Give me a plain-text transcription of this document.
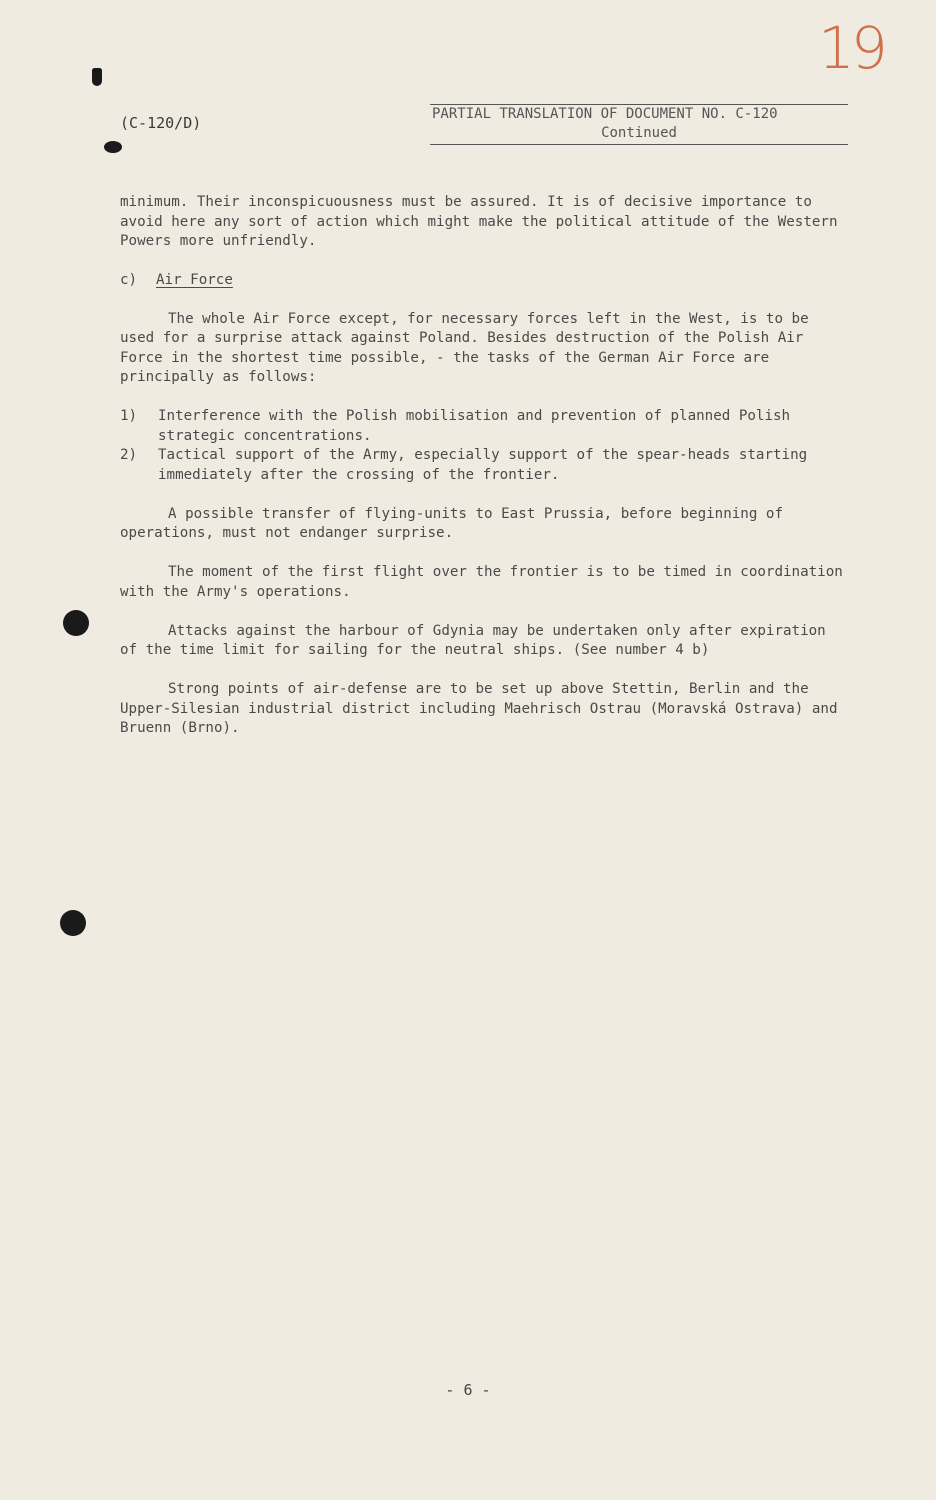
19
(C-120/D)	PARTIAL TRANSLATION OF DOCUMENT NO. C-120
Continued

minimum. Their inconspicuousness must be assured. It is of decisive importance to avoid here any sort of action which might make the political attitude of the Western Powers more unfriendly.

c) Air Force

The whole Air Force except, for necessary forces left in the West, is to be used for a surprise attack against Poland. Besides destruction of the Polish Air Force in the shortest time possible, - the tasks of the German Air Force are principally as follows:

1)	Interference with the Polish mobilisation and prevention of planned Polish strategic concentrations.
2)	Tactical support of the Army, especially support of the spear-heads starting immediately after the crossing of the frontier.

A possible transfer of flying-units to East Prussia, before beginning of operations, must not endanger surprise.

The moment of the first flight over the frontier is to be timed in coordination with the Army's operations.

Attacks against the harbour of Gdynia may be undertaken only after expiration of the time limit for sailing for the neutral ships. (See number 4 b)

Strong points of air-defense are to be set up above Stettin, Berlin and the Upper-Silesian industrial district including Maehrisch Ostrau (Moravská Ostrava) and Bruenn (Brno).

- 6 -
